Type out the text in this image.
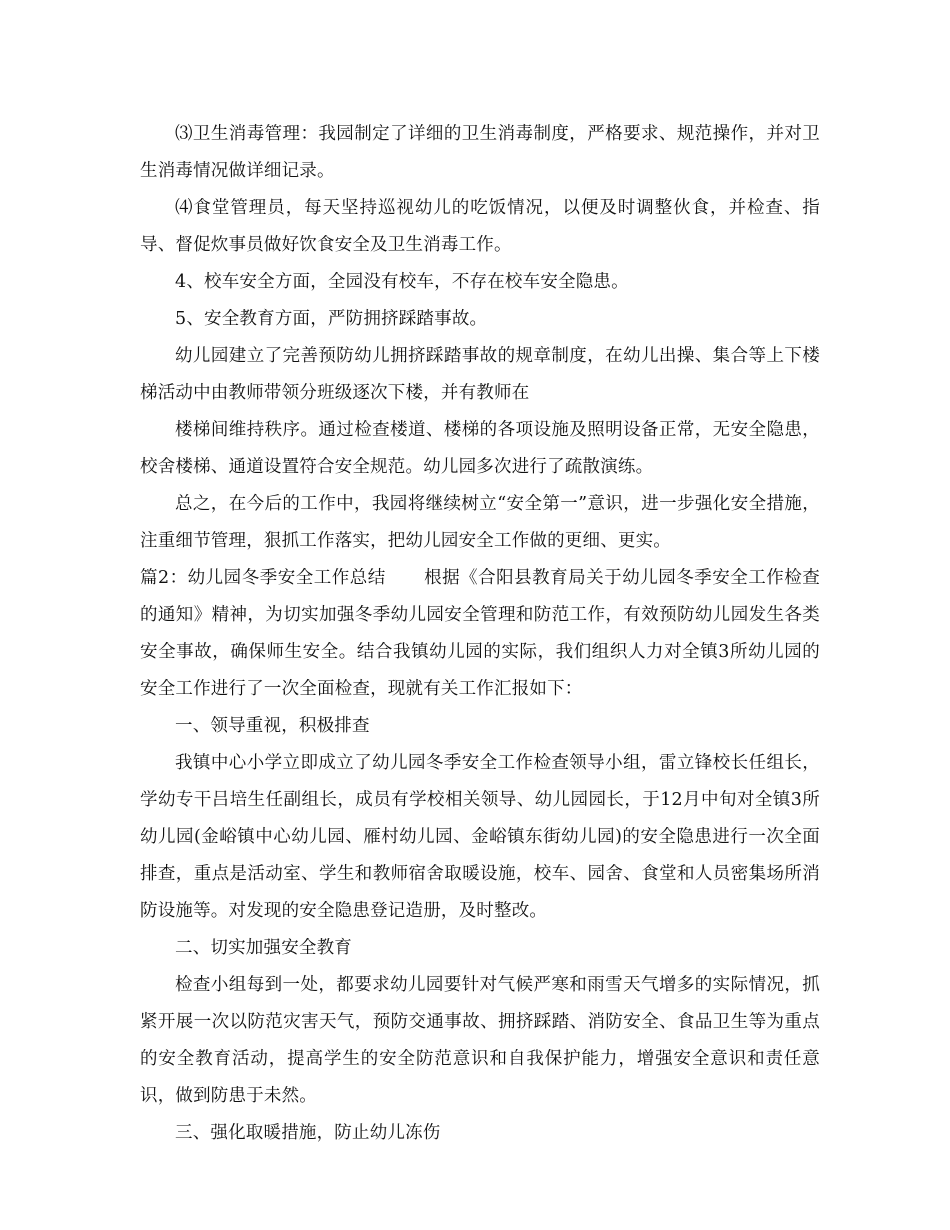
⑶卫生消毒管理：我园制定了详细的卫生消毒制度，严格要求、规范操作，并对卫生消毒情况做详细记录。

⑷食堂管理员，每天坚持巡视幼儿的吃饭情况，以便及时调整伙食，并检查、指导、督促炊事员做好饮食安全及卫生消毒工作。

4、校车安全方面，全园没有校车，不存在校车安全隐患。

5、安全教育方面，严防拥挤踩踏事故。

幼儿园建立了完善预防幼儿拥挤踩踏事故的规章制度，在幼儿出操、集合等上下楼梯活动中由教师带领分班级逐次下楼，并有教师在

楼梯间维持秩序。通过检查楼道、楼梯的各项设施及照明设备正常，无安全隐患，校舍楼梯、通道设置符合安全规范。幼儿园多次进行了疏散演练。

总之，在今后的工作中，我园将继续树立“安全第一”意识，进一步强化安全措施，注重细节管理，狠抓工作落实，把幼儿园安全工作做的更细、更实。

篇2：幼儿园冬季安全工作总结 根据《合阳县教育局关于幼儿园冬季安全工作检查的通知》精神，为切实加强冬季幼儿园安全管理和防范工作，有效预防幼儿园发生各类安全事故，确保师生安全。结合我镇幼儿园的实际，我们组织人力对全镇3所幼儿园的安全工作进行了一次全面检查，现就有关工作汇报如下：

一、领导重视，积极排查

我镇中心小学立即成立了幼儿园冬季安全工作检查领导小组，雷立锋校长任组长，学幼专干吕培生任副组长，成员有学校相关领导、幼儿园园长，于12月中旬对全镇3所幼儿园(金峪镇中心幼儿园、雁村幼儿园、金峪镇东街幼儿园)的安全隐患进行一次全面排查，重点是活动室、学生和教师宿舍取暖设施，校车、园舍、食堂和人员密集场所消防设施等。对发现的安全隐患登记造册，及时整改。

二、切实加强安全教育

检查小组每到一处，都要求幼儿园要针对气候严寒和雨雪天气增多的实际情况，抓紧开展一次以防范灾害天气，预防交通事故、拥挤踩踏、消防安全、食品卫生等为重点的安全教育活动，提高学生的安全防范意识和自我保护能力，增强安全意识和责任意识，做到防患于未然。

三、强化取暖措施，防止幼儿冻伤
